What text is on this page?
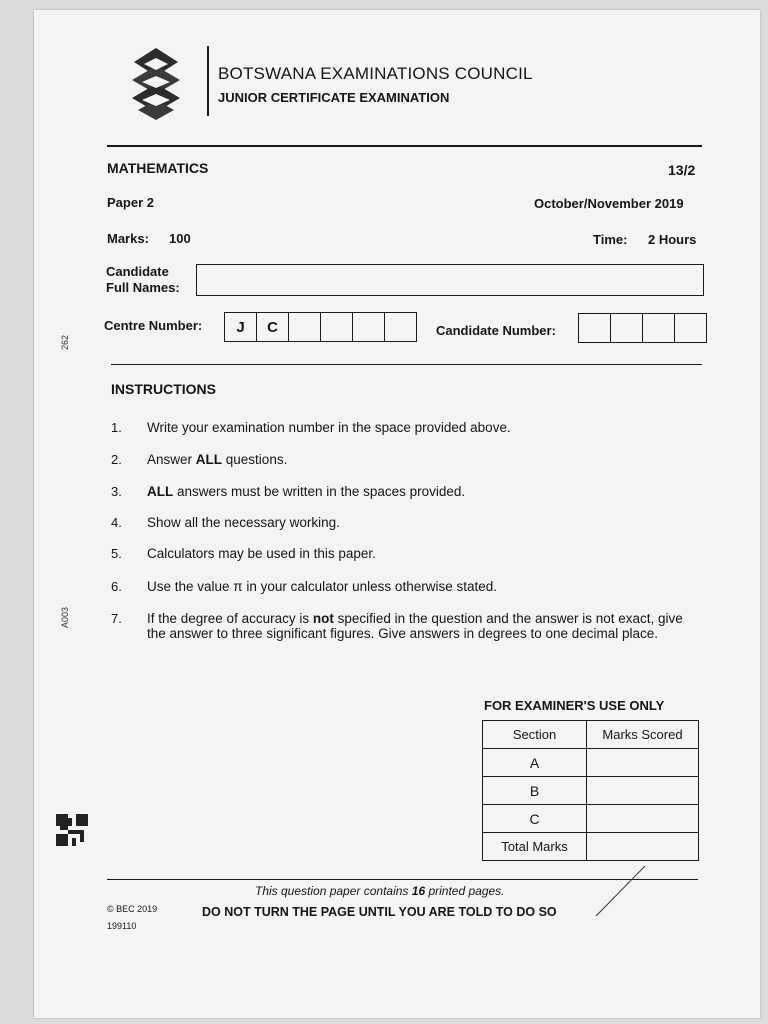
BOTSWANA EXAMINATIONS COUNCIL
JUNIOR CERTIFICATE EXAMINATION
MATHEMATICS	13/2
Paper 2	October/November 2019
Marks: 100	Time: 2 Hours
Candidate
Full Names:
Centre Number:	J	C	Candidate Number:
INSTRUCTIONS
1. Write your examination number in the space provided above.
2. Answer ALL questions.
3. ALL answers must be written in the spaces provided.
4. Show all the necessary working.
5. Calculators may be used in this paper.
6. Use the value π in your calculator unless otherwise stated.
7. If the degree of accuracy is not specified in the question and the answer is not exact, give the answer to three significant figures. Give answers in degrees to one decimal place.
FOR EXAMINER'S USE ONLY
Section	Marks Scored
A	
B	
C	
Total Marks	
This question paper contains 16 printed pages.
© BEC 2019
199110
DO NOT TURN THE PAGE UNTIL YOU ARE TOLD TO DO SO
262
A003
